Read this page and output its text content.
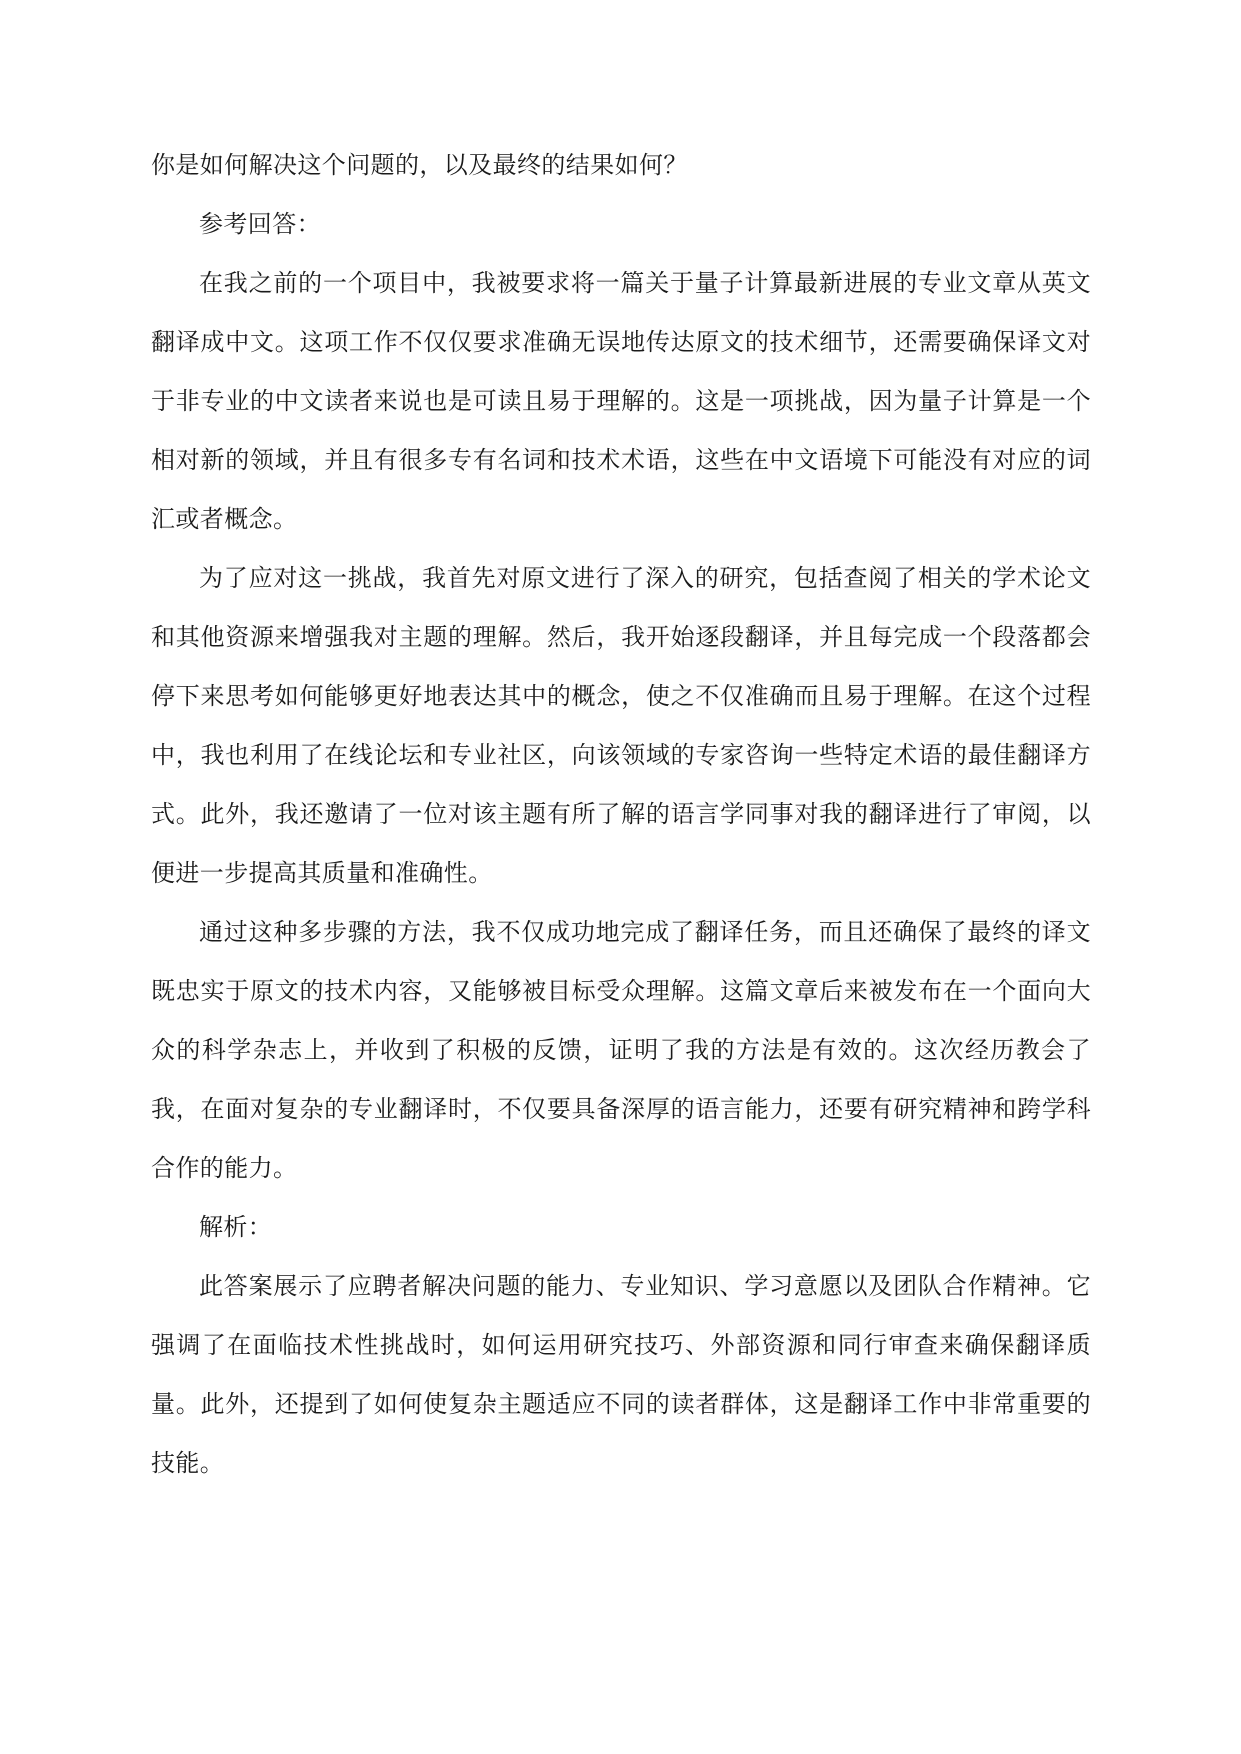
你是如何解决这个问题的，以及最终的结果如何？

参考回答：

在我之前的一个项目中，我被要求将一篇关于量子计算最新进展的专业文章从英文翻译成中文。这项工作不仅仅要求准确无误地传达原文的技术细节，还需要确保译文对于非专业的中文读者来说也是可读且易于理解的。这是一项挑战，因为量子计算是一个相对新的领域，并且有很多专有名词和技术术语，这些在中文语境下可能没有对应的词汇或者概念。

为了应对这一挑战，我首先对原文进行了深入的研究，包括查阅了相关的学术论文和其他资源来增强我对主题的理解。然后，我开始逐段翻译，并且每完成一个段落都会停下来思考如何能够更好地表达其中的概念，使之不仅准确而且易于理解。在这个过程中，我也利用了在线论坛和专业社区，向该领域的专家咨询一些特定术语的最佳翻译方式。此外，我还邀请了一位对该主题有所了解的语言学同事对我的翻译进行了审阅，以便进一步提高其质量和准确性。

通过这种多步骤的方法，我不仅成功地完成了翻译任务，而且还确保了最终的译文既忠实于原文的技术内容，又能够被目标受众理解。这篇文章后来被发布在一个面向大众的科学杂志上，并收到了积极的反馈，证明了我的方法是有效的。这次经历教会了我，在面对复杂的专业翻译时，不仅要具备深厚的语言能力，还要有研究精神和跨学科合作的能力。

解析：

此答案展示了应聘者解决问题的能力、专业知识、学习意愿以及团队合作精神。它强调了在面临技术性挑战时，如何运用研究技巧、外部资源和同行审查来确保翻译质量。此外，还提到了如何使复杂主题适应不同的读者群体，这是翻译工作中非常重要的技能。
